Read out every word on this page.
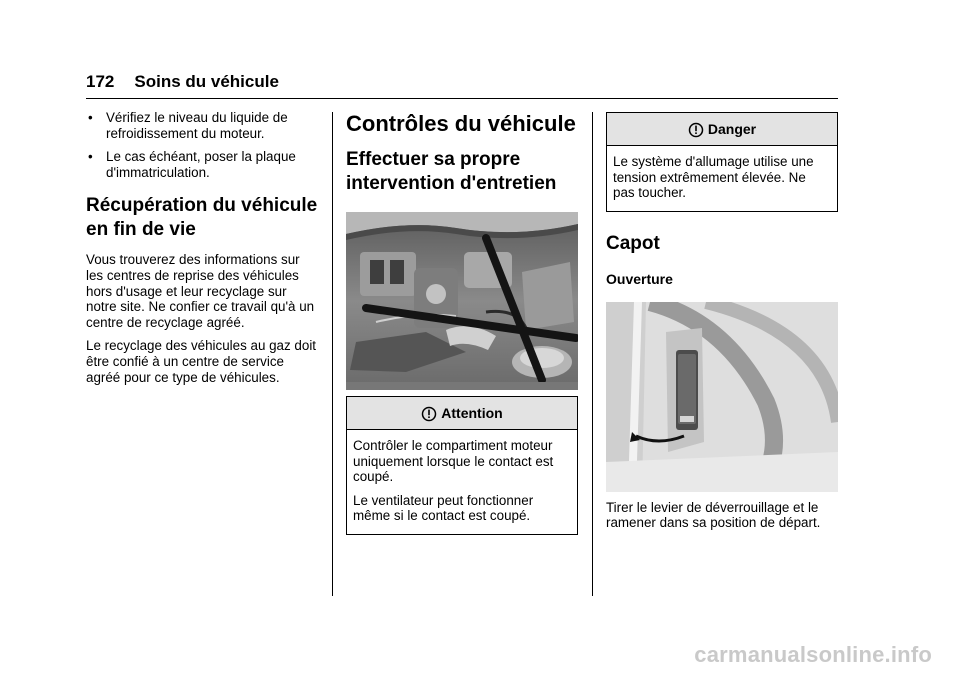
172 Soins du véhicule
• Vérifiez le niveau du liquide de refroidissement du moteur.
• Le cas échéant, poser la plaque d'immatriculation.
Récupération du véhicule en fin de vie

Vous trouverez des informations sur les centres de reprise des véhicules hors d'usage et leur recyclage sur notre site. Ne confier ce travail qu'à un centre de recyclage agréé.

Le recyclage des véhicules au gaz doit être confié à un centre de service agréé pour ce type de véhicules.

Contrôles du véhicule
Effectuer sa propre intervention d'entretien
Attention

Contrôler le compartiment moteur uniquement lorsque le contact est coupé.

Le ventilateur peut fonctionner même si le contact est coupé.

Danger

Le système d'allumage utilise une tension extrêmement élevée. Ne pas toucher.

Capot
Ouverture

Tirer le levier de déverrouillage et le ramener dans sa position de départ.

carmanualsonline.info
